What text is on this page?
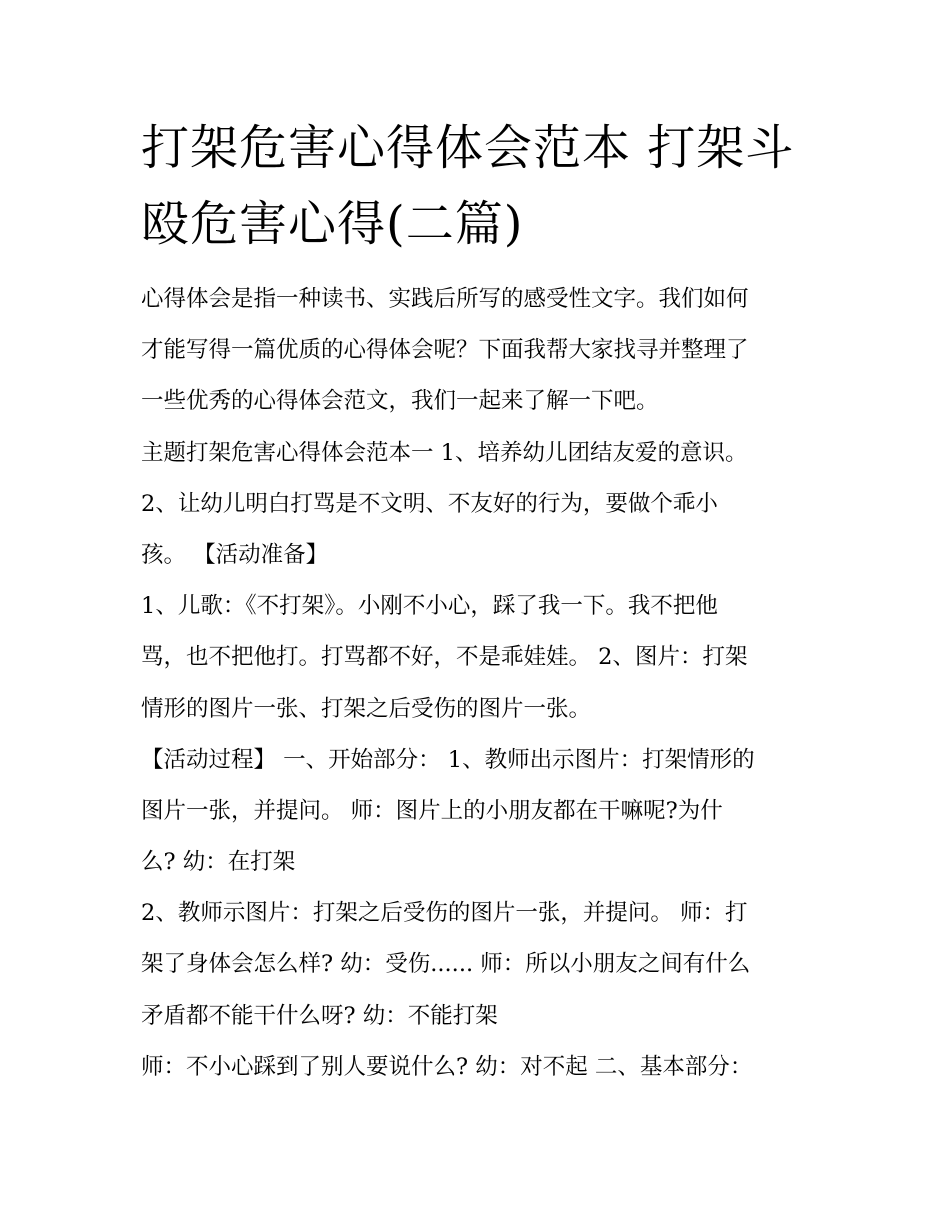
打架危害心得体会范本 打架斗
殴危害心得(二篇)
心得体会是指一种读书、实践后所写的感受性文字。我们如何
才能写得一篇优质的心得体会呢？下面我帮大家找寻并整理了
一些优秀的心得体会范文，我们一起来了解一下吧。
主题打架危害心得体会范本一 1、培养幼儿团结友爱的意识。
2、让幼儿明白打骂是不文明、不友好的行为，要做个乖小
孩。 【活动准备】
1、儿歌：《不打架》。小刚不小心，踩了我一下。我不把他
骂，也不把他打。打骂都不好，不是乖娃娃。 2、图片：打架
情形的图片一张、打架之后受伤的图片一张。
【活动过程】 一、开始部分： 1、教师出示图片：打架情形的
图片一张，并提问。 师：图片上的小朋友都在干嘛呢?为什
么? 幼：在打架
2、教师示图片：打架之后受伤的图片一张，并提问。 师：打
架了身体会怎么样? 幼：受伤...... 师：所以小朋友之间有什么
矛盾都不能干什么呀? 幼：不能打架
师：不小心踩到了别人要说什么? 幼：对不起 二、基本部分：
